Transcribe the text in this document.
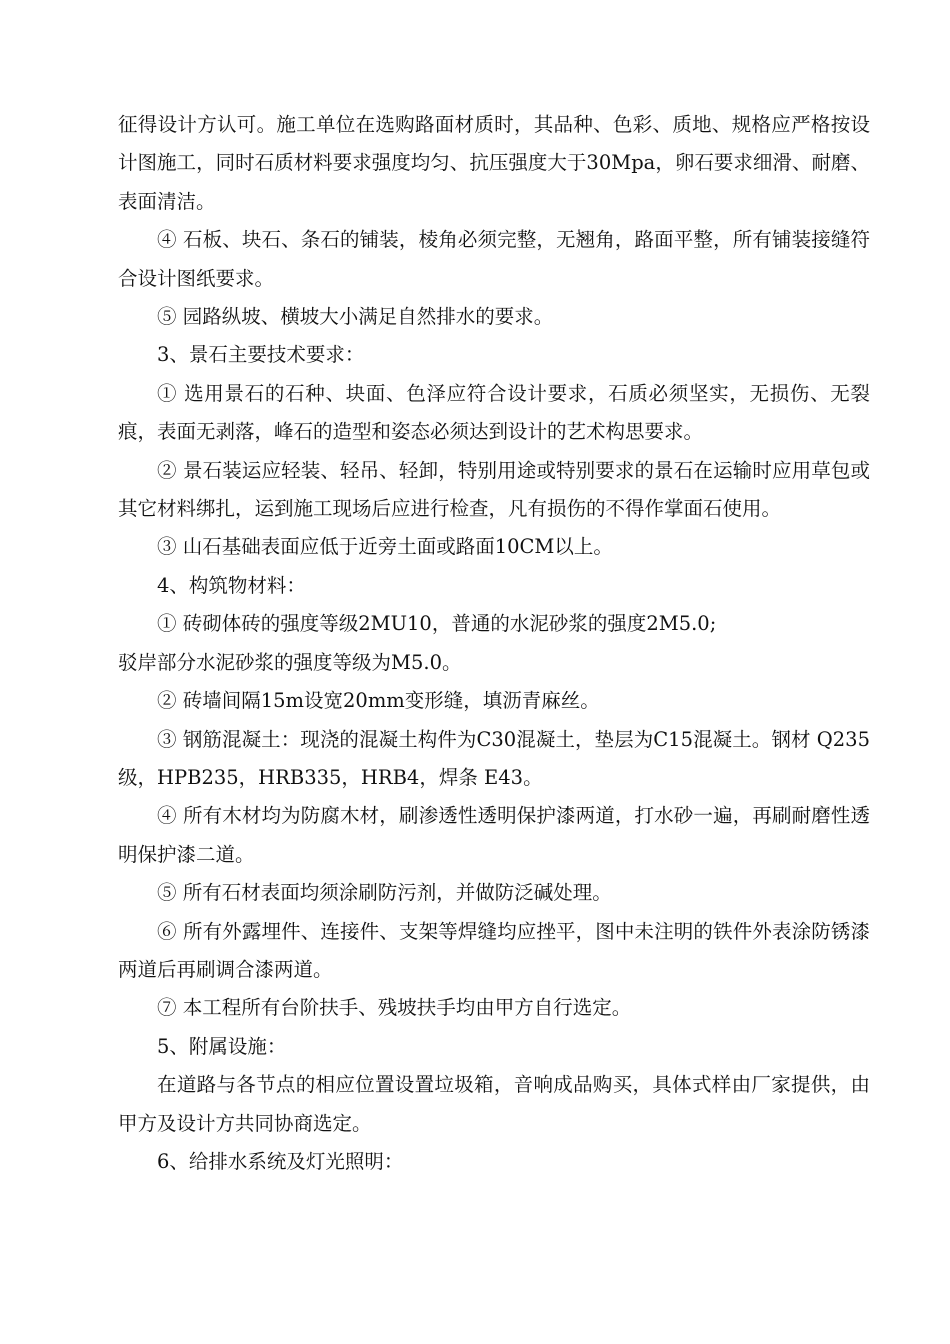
征得设计方认可。施工单位在选购路面材质时，其品种、色彩、质地、规格应严格按设计图施工，同时石质材料要求强度均匀、抗压强度大于30Mpa，卵石要求细滑、耐磨、表面清洁。

④ 石板、块石、条石的铺装，棱角必须完整，无翘角，路面平整，所有铺装接缝符合设计图纸要求。

⑤ 园路纵坡、横坡大小满足自然排水的要求。

3、景石主要技术要求：

① 选用景石的石种、块面、色泽应符合设计要求，石质必须坚实，无损伤、无裂痕，表面无剥落，峰石的造型和姿态必须达到设计的艺术构思要求。

② 景石装运应轻装、轻吊、轻卸，特别用途或特别要求的景石在运输时应用草包或其它材料绑扎，运到施工现场后应进行检查，凡有损伤的不得作掌面石使用。

③ 山石基础表面应低于近旁土面或路面10CM以上。

4、构筑物材料：

① 砖砌体砖的强度等级2MU10，普通的水泥砂浆的强度2M5.0;

驳岸部分水泥砂浆的强度等级为M5.0。

② 砖墙间隔15m设宽20mm变形缝，填沥青麻丝。

③ 钢筋混凝土：现浇的混凝土构件为C30混凝土，垫层为C15混凝土。钢材 Q235 级，HPB235，HRB335，HRB4，焊条 E43。

④ 所有木材均为防腐木材，刷渗透性透明保护漆两道，打水砂一遍，再刷耐磨性透明保护漆二道。

⑤ 所有石材表面均须涂刷防污剂，并做防泛碱处理。

⑥ 所有外露埋件、连接件、支架等焊缝均应挫平，图中未注明的铁件外表涂防锈漆两道后再刷调合漆两道。

⑦ 本工程所有台阶扶手、残坡扶手均由甲方自行选定。

5、附属设施：

在道路与各节点的相应位置设置垃圾箱，音响成品购买，具体式样由厂家提供，由甲方及设计方共同协商选定。

6、给排水系统及灯光照明：
